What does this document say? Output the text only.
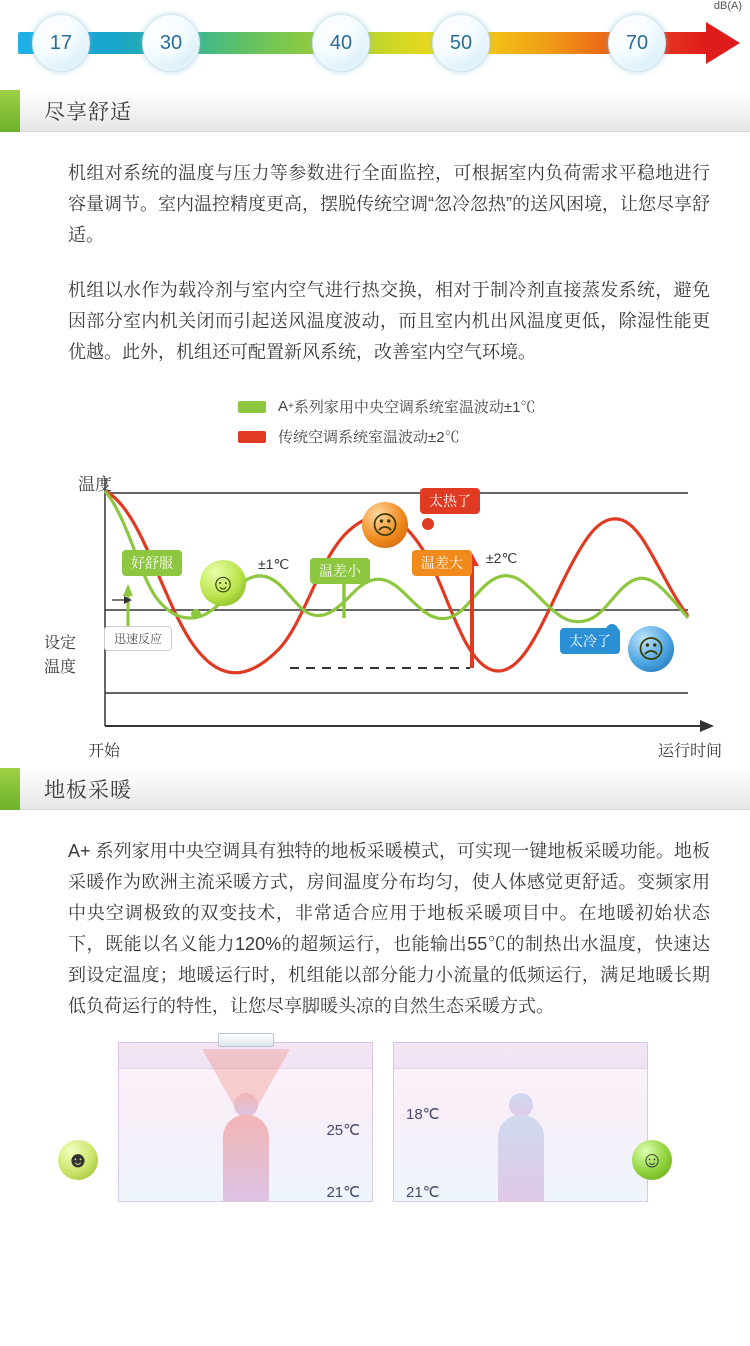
dB(A)
17	30	40	50	70
尽享舒适
机组对系统的温度与压力等参数进行全面监控，可根据室内负荷需求平稳地进行容量调节。室内温控精度更高，摆脱传统空调“忽冷忽热”的送风困境，让您尽享舒适。
机组以水作为载冷剂与室内空气进行热交换，相对于制冷剂直接蒸发系统，避免因部分室内机关闭而引起送风温度波动，而且室内机出风温度更低，除湿性能更优越。此外，机组还可配置新风系统，改善室内空气环境。
A + 系列家用中央空调系统室温波动±1℃
传统空调系统室温波动±2℃
温度
设定
温度
开始	运行时间
好舒服
太热了
温差小	温差大
太冷了
迅速反应
±1℃	±2℃
☺
☹
☹
地板采暖
A+ 系列家用中央空调具有独特的地板采暖模式，可实现一键地板采暖功能。地板采暖作为欧洲主流采暖方式，房间温度分布均匀，使人体感觉更舒适。变频家用中央空调极致的双变技术，非常适合应用于地板采暖项目中。在地暖初始状态下，既能以名义能力120%的超频运行，也能输出55℃的制热出水温度，快速达到设定温度；地暖运行时，机组能以部分能力小流量的低频运行，满足地暖长期低负荷运行的特性，让您尽享脚暖头凉的自然生态采暖方式。
25℃
21℃
18℃
21℃
☻	☺
